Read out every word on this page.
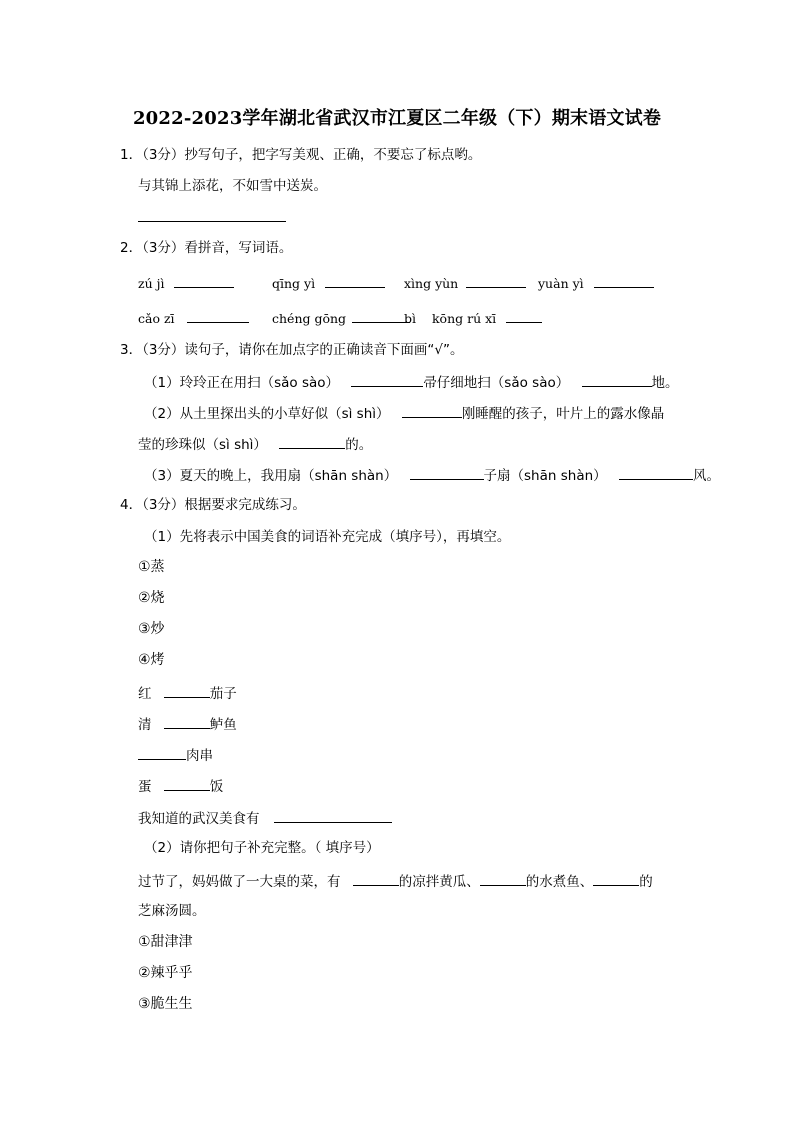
2022-2023学年湖北省武汉市江夏区二年级（下）期末语文试卷
1．（3分）抄写句子，把字写美观、正确，不要忘了标点哟。
与其锦上添花，不如雪中送炭。
2．（3分）看拼音，写词语。
zú jì	qīng yì	xìng yùn	yuàn yì
cǎo zī	chéng gōng	bì kōng rú xī
3．（3分）读句子，请你在加点字的正确读音下面画“√”。
（1）玲玲正在用扫（sǎo sào）	帚仔细地扫（sǎo sào）	地。
（2）从土里探出头的小草好似（sì shì）	刚睡醒的孩子，叶片上的露水像晶
莹的珍珠似（sì shì）	的。
（3）夏天的晚上，我用扇（shān shàn）	子扇（shān shàn）	风。
4．（3分）根据要求完成练习。
（1）先将表示中国美食的词语补充完成（填序号），再填空。
①蒸
②烧
③炒
④烤
红	茄子
清	鲈鱼
肉串
蛋	饭
我知道的武汉美食有
（2）请你把句子补充完整。（ 填序号）
过节了，妈妈做了一大桌的菜，有	的凉拌黄瓜、	的水煮鱼、	的
芝麻汤圆。
①甜津津
②辣乎乎
③脆生生
